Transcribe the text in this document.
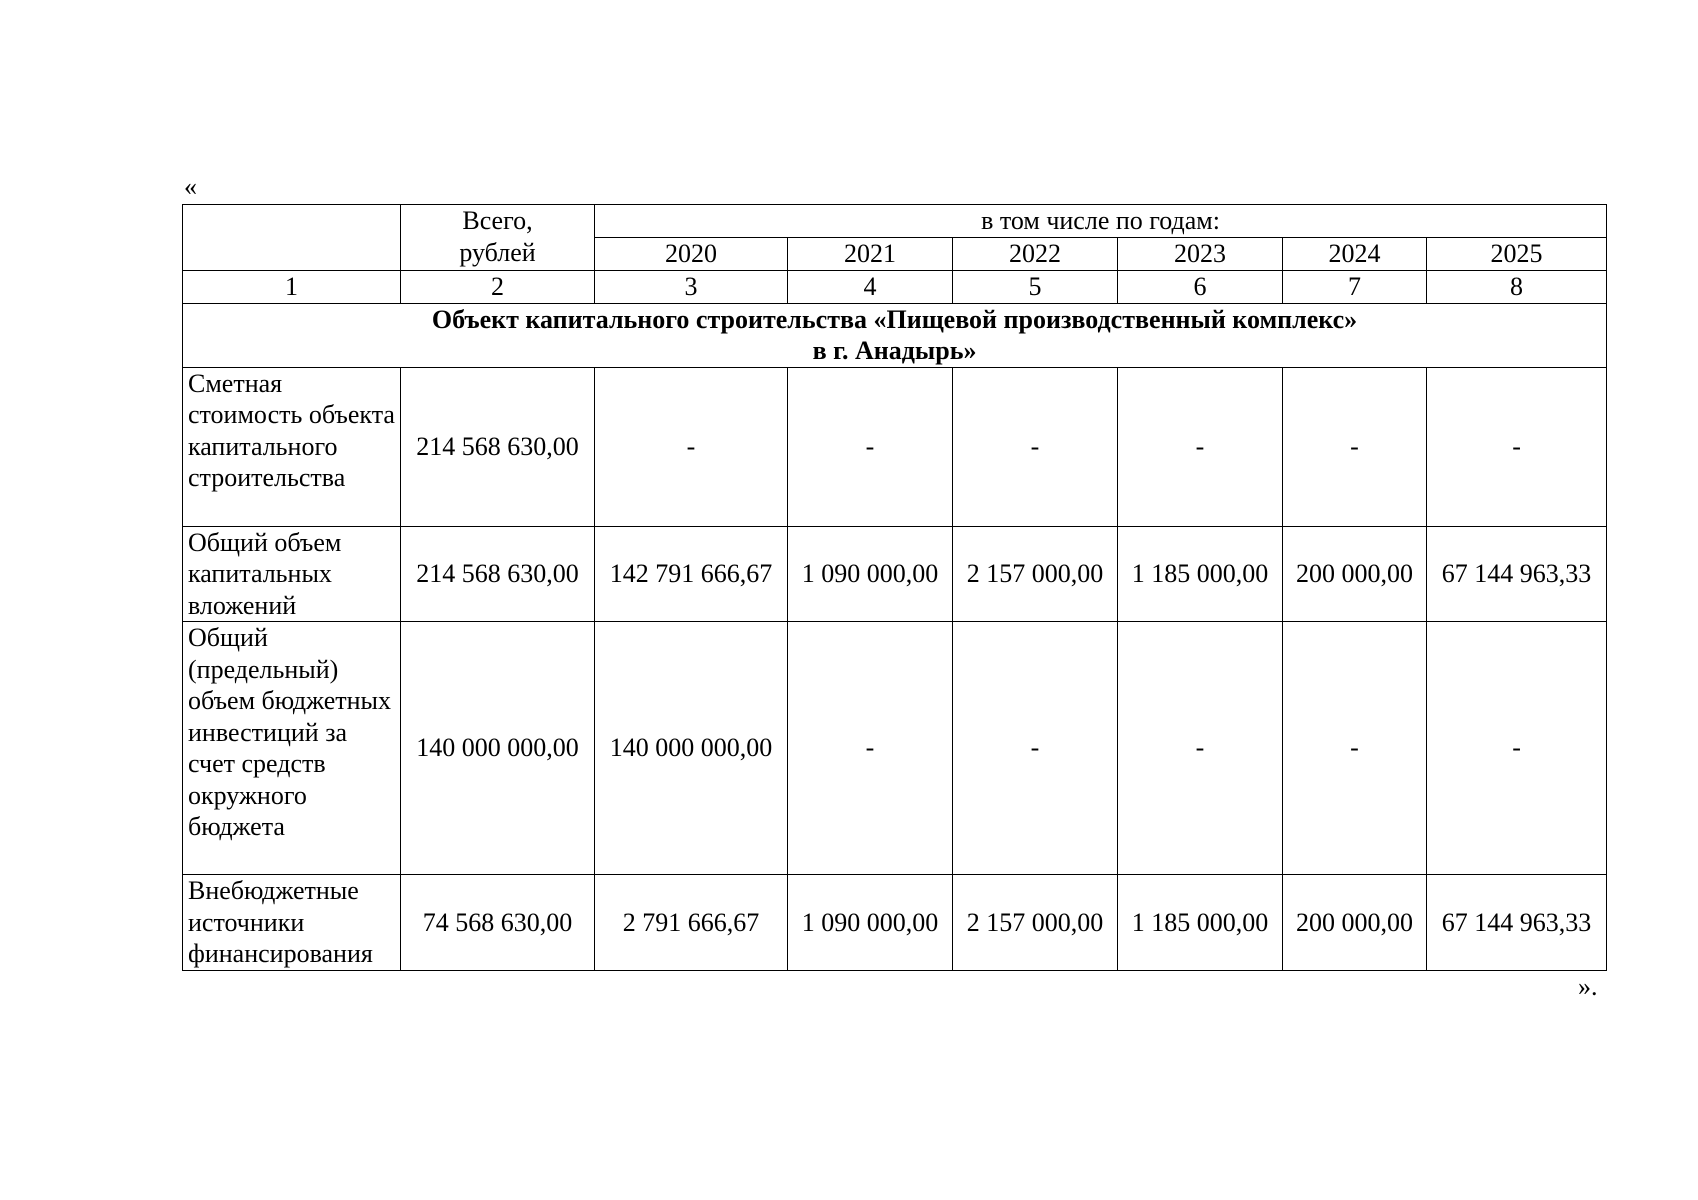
«
	Всего,
рублей	в том числе по годам:					
		2020	2021	2022	2023	2024	2025
1	2	3	4	5	6	7	8

Объект капитального строительства «Пищевой производственный комплекс»
в г. Анадырь»							

Сметная стоимость объекта капитального строительства	214 568 630,00	-	-	-	-	-	-
Общий объем капитальных вложений	214 568 630,00	142 791 666,67	1 090 000,00	2 157 000,00	1 185 000,00	200 000,00	67 144 963,33
Общий (предельный) объем бюджетных инвестиций за счет средств окружного бюджета	140 000 000,00	140 000 000,00	-	-	-	-	-
Внебюджетные источники финансирования	74 568 630,00	2 791 666,67	1 090 000,00	2 157 000,00	1 185 000,00	200 000,00	67 144 963,33
».
